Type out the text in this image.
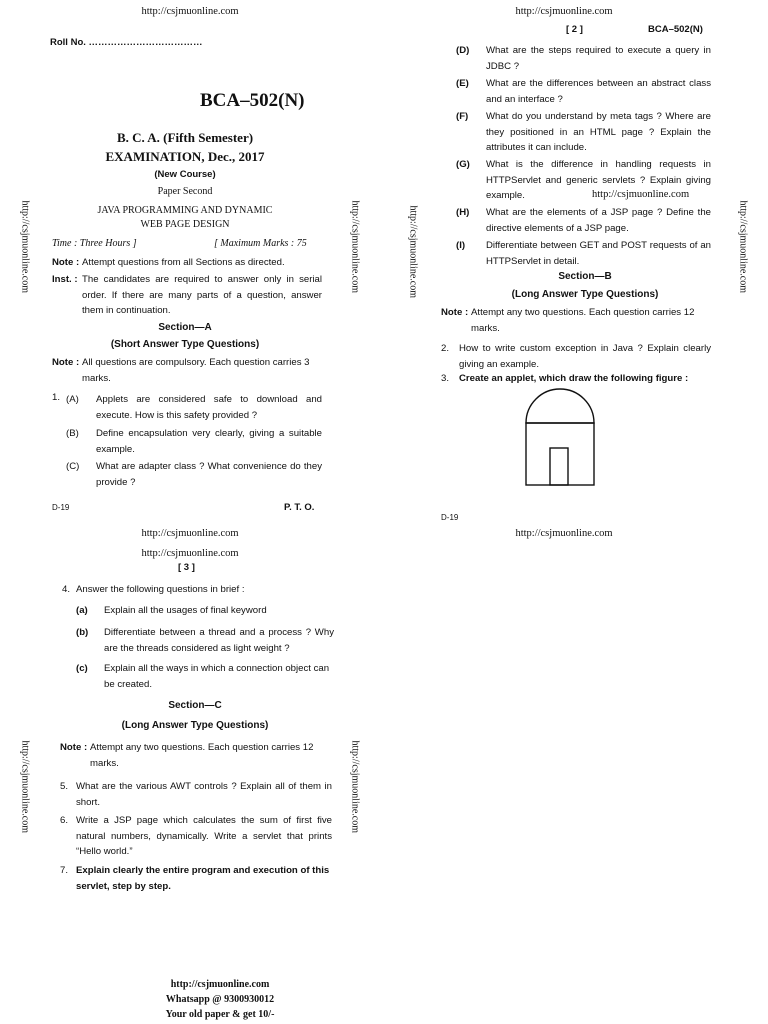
http://csjmuonline.com
Roll No. ………………………………
BCA–502(N)
B. C. A. (Fifth Semester)
EXAMINATION, Dec., 2017
(New Course)
Paper Second
JAVA PROGRAMMING AND DYNAMIC
WEB PAGE DESIGN
Time : Three Hours ]	[ Maximum Marks : 75
Note : Attempt questions from all Sections as directed.
Inst. : The candidates are required to answer only in serial order. If there are many parts of a question, answer them in continuation.
Section—A
(Short Answer Type Questions)
Note : All questions are compulsory. Each question carries 3 marks.
1. (A)	Applets are considered safe to download and execute. How is this safety provided ?
(B)	Define encapsulation very clearly, giving a suitable example.
(C)	What are adapter class ? What convenience do they provide ?
D-19	P. T. O.
http://csjmuonline.com	http://csjmuonline.com
http://csjmuonline.com
[ 2 ]	BCA–502(N)
(D)	What are the steps required to execute a query in JDBC ?
(E)	What are the differences between an abstract class and an interface ?
(F)	What do you understand by meta tags ? Where are they positioned in an HTML page ? Explain the attributes it can include.
(G)	What is the difference in handling requests in HTTPServlet and generic servlets ? Explain giving example.	http://csjmuonline.com
(H)	What are the elements of a JSP page ? Define the directive elements of a JSP page.
(I)	Differentiate between GET and POST requests of an HTTPServlet in detail.
Section—B
(Long Answer Type Questions)
Note : Attempt any two questions. Each question carries 12 marks.
2.	How to write custom exception in Java ? Explain clearly giving an example.
3.	Create an applet, which draw the following figure :
D-19
http://csjmuonline.com
http://csjmuonline.com	http://csjmuonline.com
http://csjmuonline.com
http://csjmuonline.com
[ 3 ]
4. Answer the following questions in brief :
(a)	Explain all the usages of final keyword
(b)	Differentiate between a thread and a process ? Why are the threads considered as light weight ?
(c)	Explain all the ways in which a connection object can be created.
Section—C
(Long Answer Type Questions)
Note : Attempt any two questions. Each question carries 12 marks.
5. What are the various AWT controls ? Explain all of them in short.
6. Write a JSP page which calculates the sum of first five natural numbers, dynamically. Write a servlet that prints “Hello world.”
7. Explain clearly the entire program and execution of this servlet, step by step.
http://csjmuonline.com	http://csjmuonline.com
http://csjmuonline.com
Whatsapp @ 9300930012
Your old paper & get 10/-
